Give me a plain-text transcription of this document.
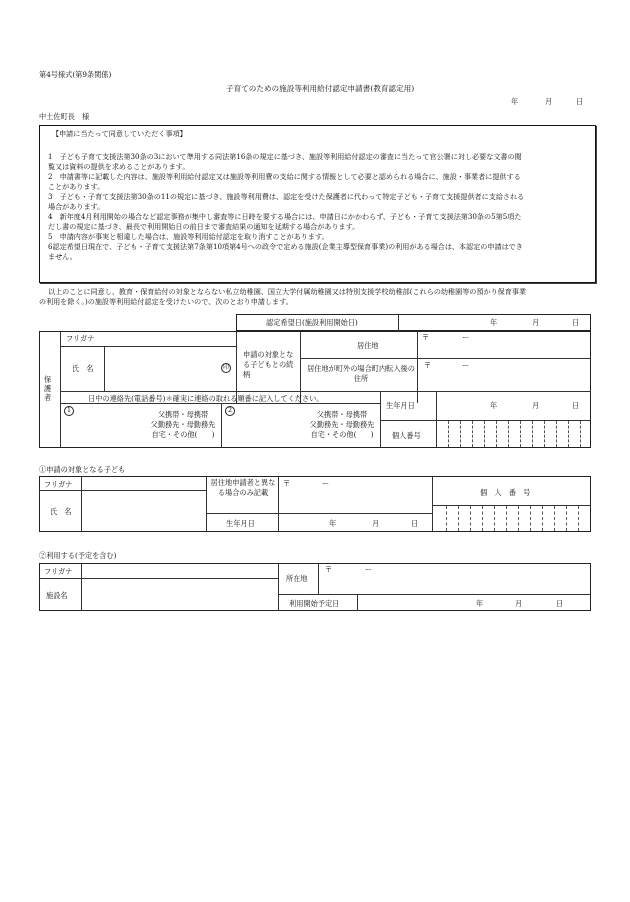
第4号様式(第9条関係)
子育てのための施設等利用給付認定申請書(教育認定用)
年	月	日
中土佐町長　様
【申請に当たって同意していただく事項】
1　子ども子育て支援法第30条の3において準用する同法第16条の規定に基づき、施設等利用給付認定の審査に当たって官公署に対し必要な文書の閲
覧又は資料の提供を求めることがあります。
2　申請書等に記載した内容は、施設等利用給付認定又は施設等利用費の支給に関する情報として必要と認められる場合に、施設・事業者に提供する
ことがあります。
3　子ども・子育て支援法第30条の11の規定に基づき、施設等利用費は、認定を受けた保護者に代わって特定子ども・子育て支援提供者に支給される
場合があります。
4　新年度4月利用開始の場合など認定事務が集中し審査等に日時を要する場合には、申請日にかかわらず、子ども・子育て支援法第30条の5第5項た
だし書の規定に基づき、最長で利用開始日の前日まで審査結果の通知を延期する場合があります。
5　申請内容が事実と相違した場合は、施設等利用給付認定を取り消すことがあります。
6認定希望日現在で、子ども・子育て支援法第7条第10項第4号への政令で定める施設(企業主導型保育事業)の利用がある場合は、本認定の申請はでき
ません。
以上のことに同意し、教育・保育給付の対象とならない私立幼稚園、国立大学付属幼稚園又は特別支援学校幼稚部(これらの幼稚園等の預かり保育事業
の利用を除く。)の施設等利用給付認定を受けたいので、次のとおり申請します。
認定希望日(施設利用開始日)	年	月	日
保護者
フリガナ
氏　名	印
申請の対象となる子どもとの続柄
居住地
〒	ー
居住地が町外の場合町内転入後の住所
〒	ー
日中の連絡先(電話番号)＊確実に連絡の取れる順番に記入してください。
生年月日	年	月	日
個人番号
1	父携帯・母携帯
父勤務先・母勤務先
自宅・その他(　　)
2	父携帯・母携帯
父勤務先・母勤務先
自宅・その他(　　)
①申請の対象となる子ども
フリガナ
氏　名
居住地申請者と異なる場合のみ記載
〒	ー
個　人　番　号
生年月日	年	月	日
②利用する(予定を含む)
フリガナ
施設名
所在地
〒	ー
利用開始予定日	年	月	日
